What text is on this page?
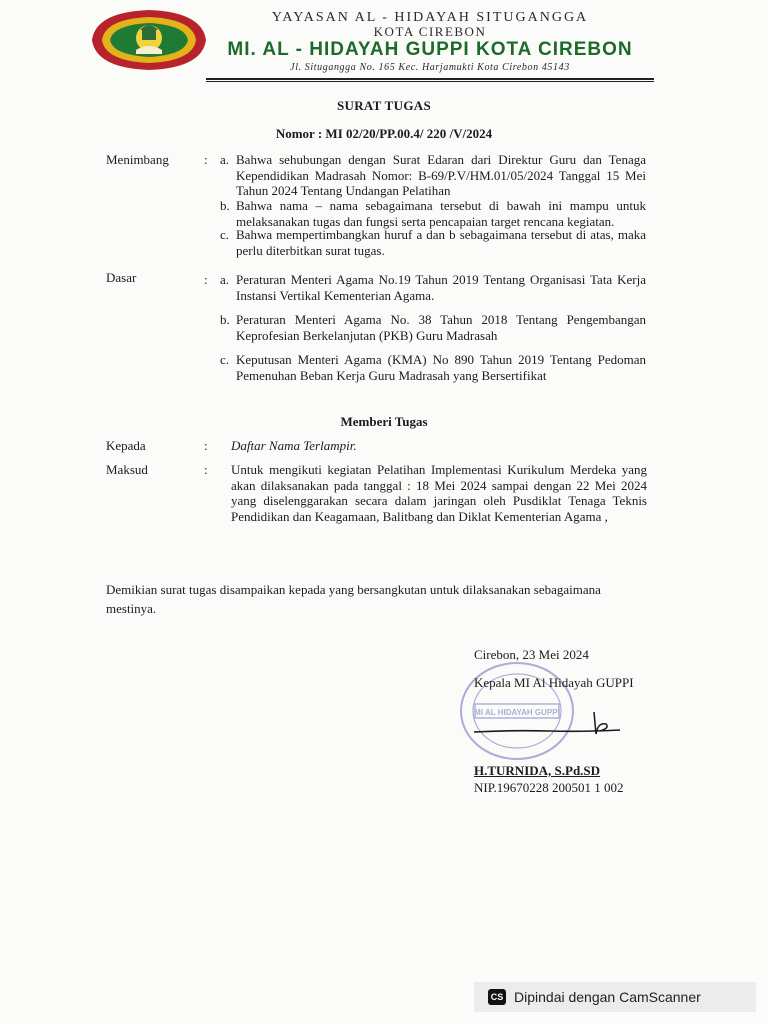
YAYASAN AL - HIDAYAH SITUGANGGA
KOTA CIREBON
MI. AL - HIDAYAH GUPPI KOTA CIREBON
Jl. Situgangga No. 165 Kec. Harjamukti Kota Cirebon 45143
SURAT TUGAS
Nomor : MI 02/20/PP.00.4/ 220 /V/2024
Menimbang	: a. Bahwa sehubungan dengan Surat Edaran dari Direktur Guru dan Tenaga Kependidikan Madrasah Nomor: B-69/P.V/HM.01/05/2024 Tanggal 15 Mei Tahun 2024 Tentang Undangan Pelatihan
b. Bahwa nama – nama sebagaimana tersebut di bawah ini mampu untuk melaksanakan tugas dan fungsi serta pencapaian target rencana kegiatan.
c. Bahwa mempertimbangkan huruf a dan b sebagaimana tersebut di atas, maka perlu diterbitkan surat tugas.
Dasar	: a. Peraturan Menteri Agama No.19 Tahun 2019 Tentang Organisasi Tata Kerja Instansi Vertikal Kementerian Agama.
b. Peraturan Menteri Agama No. 38 Tahun 2018 Tentang Pengembangan Keprofesian Berkelanjutan (PKB) Guru Madrasah
c. Keputusan Menteri Agama (KMA) No 890 Tahun 2019 Tentang Pedoman Pemenuhan Beban Kerja Guru Madrasah yang Bersertifikat
Memberi Tugas
Kepada	: Daftar Nama Terlampir.
Maksud	: Untuk mengikuti kegiatan Pelatihan Implementasi Kurikulum Merdeka yang akan dilaksanakan pada tanggal : 18 Mei 2024 sampai dengan 22 Mei 2024 yang diselenggarakan secara dalam jaringan oleh Pusdiklat Tenaga Teknis Pendidikan dan Keagamaan, Balitbang dan Diklat Kementerian Agama ,
Demikian surat tugas disampaikan kepada yang bersangkutan untuk dilaksanakan sebagaimana mestinya.
MI AL HIDAYAH GUPPI
Cirebon, 23 Mei 2024
Kepala MI Al Hidayah GUPPI
H.TURNIDA, S.Pd.SD
NIP.19670228 200501 1 002
CS Dipindai dengan CamScanner
